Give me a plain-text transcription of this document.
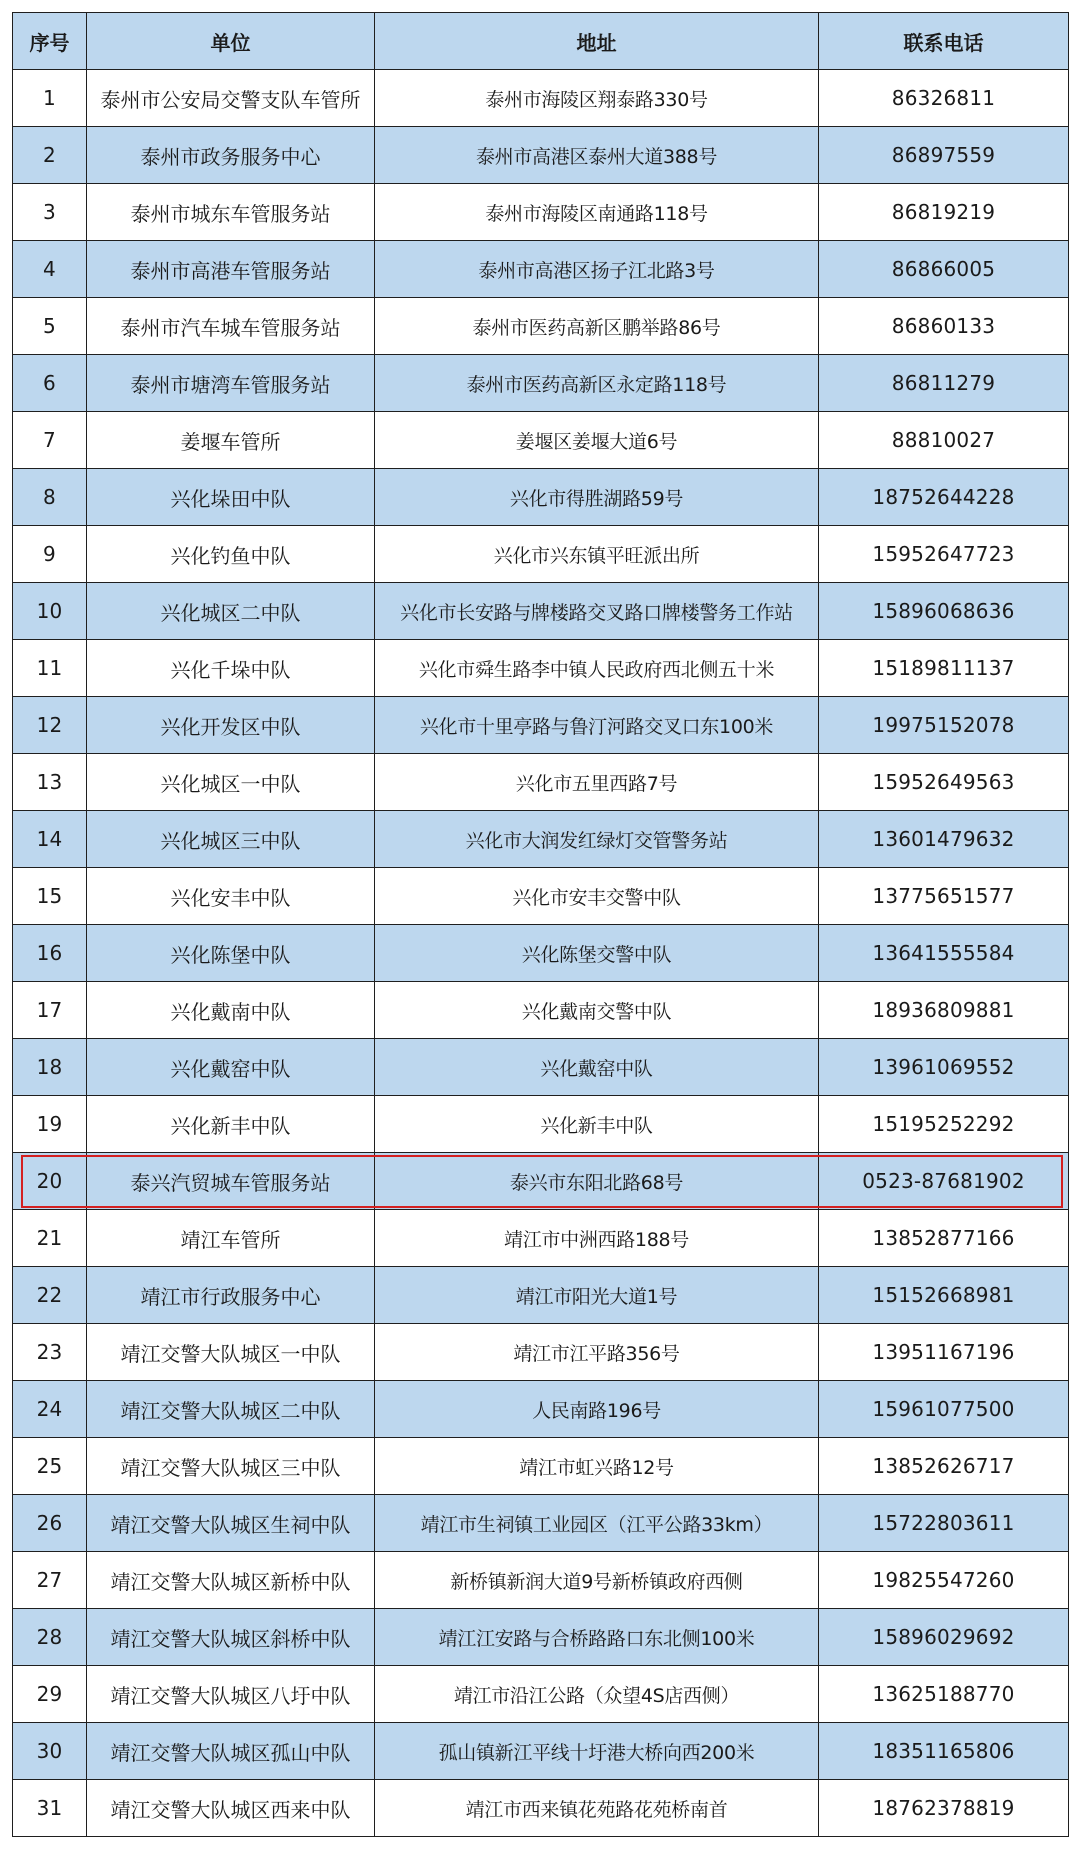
序号	单位	地址	联系电话
1	泰州市公安局交警支队车管所	泰州市海陵区翔泰路330号	86326811
2	泰州市政务服务中心	泰州市高港区泰州大道388号	86897559
3	泰州市城东车管服务站	泰州市海陵区南通路118号	86819219
4	泰州市高港车管服务站	泰州市高港区扬子江北路3号	86866005
5	泰州市汽车城车管服务站	泰州市医药高新区鹏举路86号	86860133
6	泰州市塘湾车管服务站	泰州市医药高新区永定路118号	86811279
7	姜堰车管所	姜堰区姜堰大道6号	88810027
8	兴化垛田中队	兴化市得胜湖路59号	18752644228
9	兴化钓鱼中队	兴化市兴东镇平旺派出所	15952647723
10	兴化城区二中队	兴化市长安路与牌楼路交叉路口牌楼警务工作站	15896068636
11	兴化千垛中队	兴化市舜生路李中镇人民政府西北侧五十米	15189811137
12	兴化开发区中队	兴化市十里亭路与鲁汀河路交叉口东100米	19975152078
13	兴化城区一中队	兴化市五里西路7号	15952649563
14	兴化城区三中队	兴化市大润发红绿灯交管警务站	13601479632
15	兴化安丰中队	兴化市安丰交警中队	13775651577
16	兴化陈堡中队	兴化陈堡交警中队	13641555584
17	兴化戴南中队	兴化戴南交警中队	18936809881
18	兴化戴窑中队	兴化戴窑中队	13961069552
19	兴化新丰中队	兴化新丰中队	15195252292
20	泰兴汽贸城车管服务站	泰兴市东阳北路68号	0523-87681902
21	靖江车管所	靖江市中洲西路188号	13852877166
22	靖江市行政服务中心	靖江市阳光大道1号	15152668981
23	靖江交警大队城区一中队	靖江市江平路356号	13951167196
24	靖江交警大队城区二中队	人民南路196号	15961077500
25	靖江交警大队城区三中队	靖江市虹兴路12号	13852626717
26	靖江交警大队城区生祠中队	靖江市生祠镇工业园区（江平公路33km）	15722803611
27	靖江交警大队城区新桥中队	新桥镇新润大道9号新桥镇政府西侧	19825547260
28	靖江交警大队城区斜桥中队	靖江江安路与合桥路路口东北侧100米	15896029692
29	靖江交警大队城区八圩中队	靖江市沿江公路（众望4S店西侧）	13625188770
30	靖江交警大队城区孤山中队	孤山镇新江平线十圩港大桥向西200米	18351165806
31	靖江交警大队城区西来中队	靖江市西来镇花苑路花苑桥南首	18762378819
